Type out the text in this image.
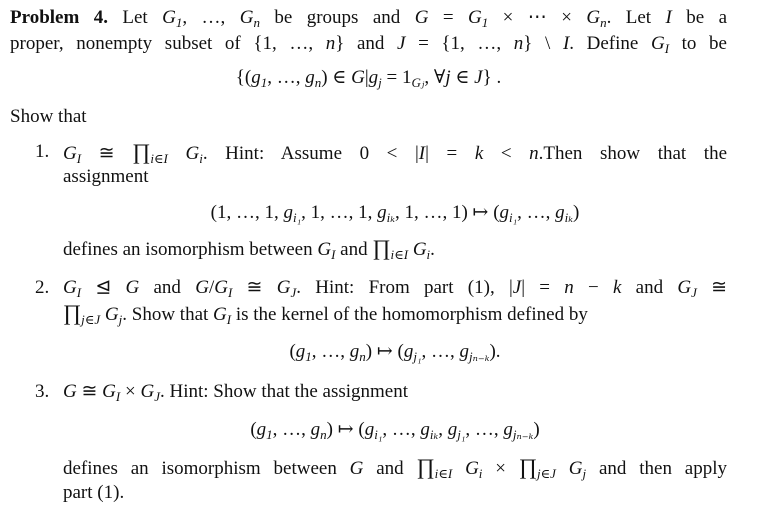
Problem 4. Let $G_1$, …, $G_n$ be groups and $G = G_1$ × ⋯ × $G_n$. Let I be a
proper, nonempty subset of {1, …, n} and J = {1, …, n} \ I. Define $G_I$ to be
{($g_1$, …, $g_n$) ∈ $G|g_j = 1_{Gⱼ}$, ∀j ∈ J} .
Show that
1. $G_I$ ≅ $\prod_{i\in I}$ $G_i$. Hint: Assume 0 < |I| = k < n.Then show that the
assignment
(1, …, 1, $g_{i_1}$, 1, …, 1, $g_{i_k}$, 1, …, 1) ↦ ($g_{i_1}$, …, $g_{i_k}$)
defines an isomorphism between $G_I$ and $\prod_{i\in I}$ $G_i$.
2. $G_I$ ⊴ G and $G/G_I$ ≅ $G_J$. Hint: From part (1), |J| = n − k and $G_J$ ≅
$\prod_{j\in J}$ $G_j$. Show that $G_I$ is the kernel of the homomorphism defined by
($g_1$, …, $g_n$) ↦ ($g_{j_1}$, …, $g_{j_{n-k}}$).
3. G ≅ $G_I \times G_J$. Hint: Show that the assignment
($g_1$, …, $g_n$) ↦ ($g_{i_1}$, …, $g_{i_k}$, $g_{j_1}$, …, $g_{j_{n-k}}$)
defines an isomorphism between G and $\prod_{i\in I}$ $G_i$ × $\prod_{j\in J}$ $G_j$ and then apply
part (1).
